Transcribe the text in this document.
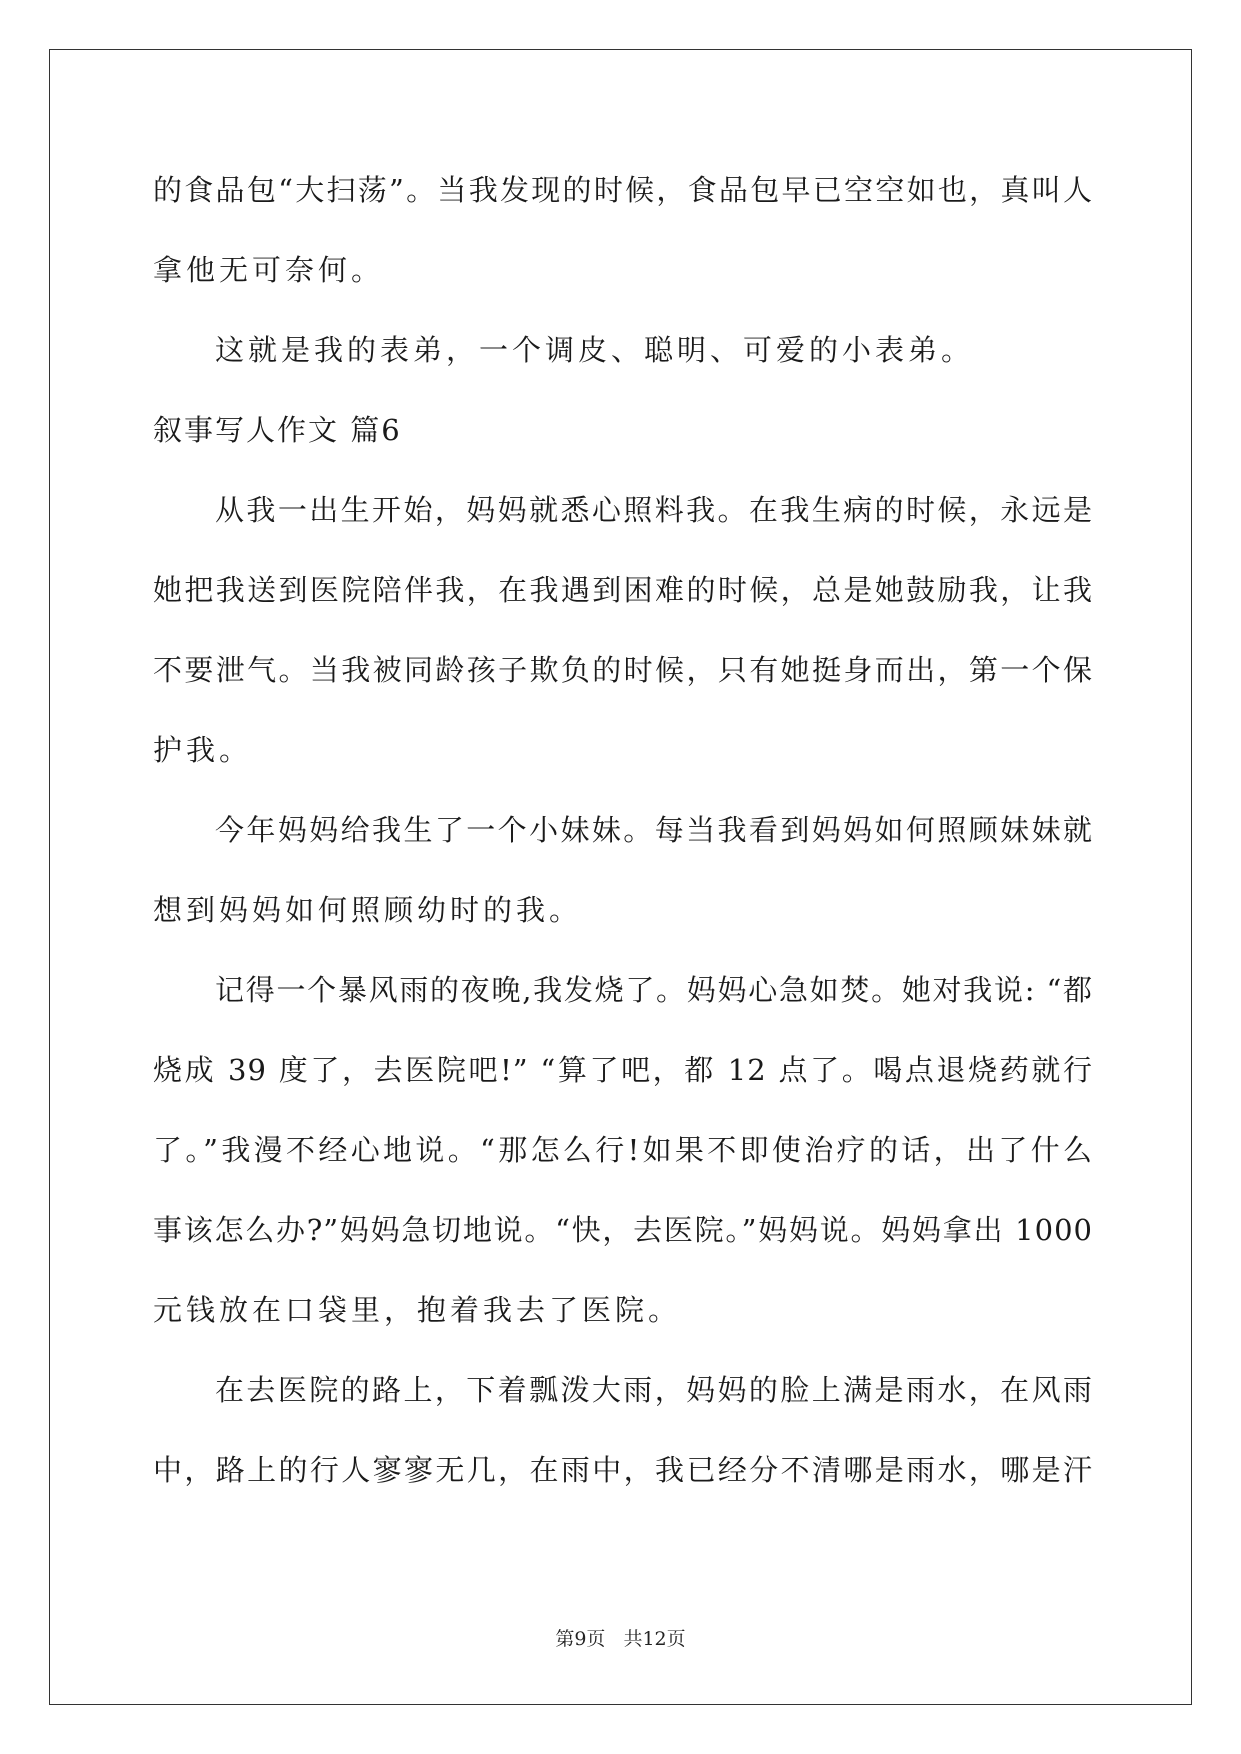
的食品包“大扫荡”。当我发现的时候，食品包早已空空如也，真叫人
拿他无可奈何。
这就是我的表弟，一个调皮、聪明、可爱的小表弟。
叙事写人作文 篇6
从我一出生开始，妈妈就悉心照料我。在我生病的时候，永远是
她把我送到医院陪伴我，在我遇到困难的时候，总是她鼓励我，让我
不要泄气。当我被同龄孩子欺负的时候，只有她挺身而出，第一个保
护我。
今年妈妈给我生了一个小妹妹。每当我看到妈妈如何照顾妹妹就
想到妈妈如何照顾幼时的我。
记得一个暴风雨的夜晚,我发烧了。妈妈心急如焚。她对我说: “都
烧成 39 度了，去医院吧!” “算了吧，都 12 点了。喝点退烧药就行
了。”我漫不经心地说。“那怎么行!如果不即使治疗的话，出了什么
事该怎么办?”妈妈急切地说。“快，去医院。”妈妈说。妈妈拿出 1000
元钱放在口袋里，抱着我去了医院。
在去医院的路上，下着瓢泼大雨，妈妈的脸上满是雨水，在风雨
中，路上的行人寥寥无几，在雨中，我已经分不清哪是雨水，哪是汗
第9页 共12页
